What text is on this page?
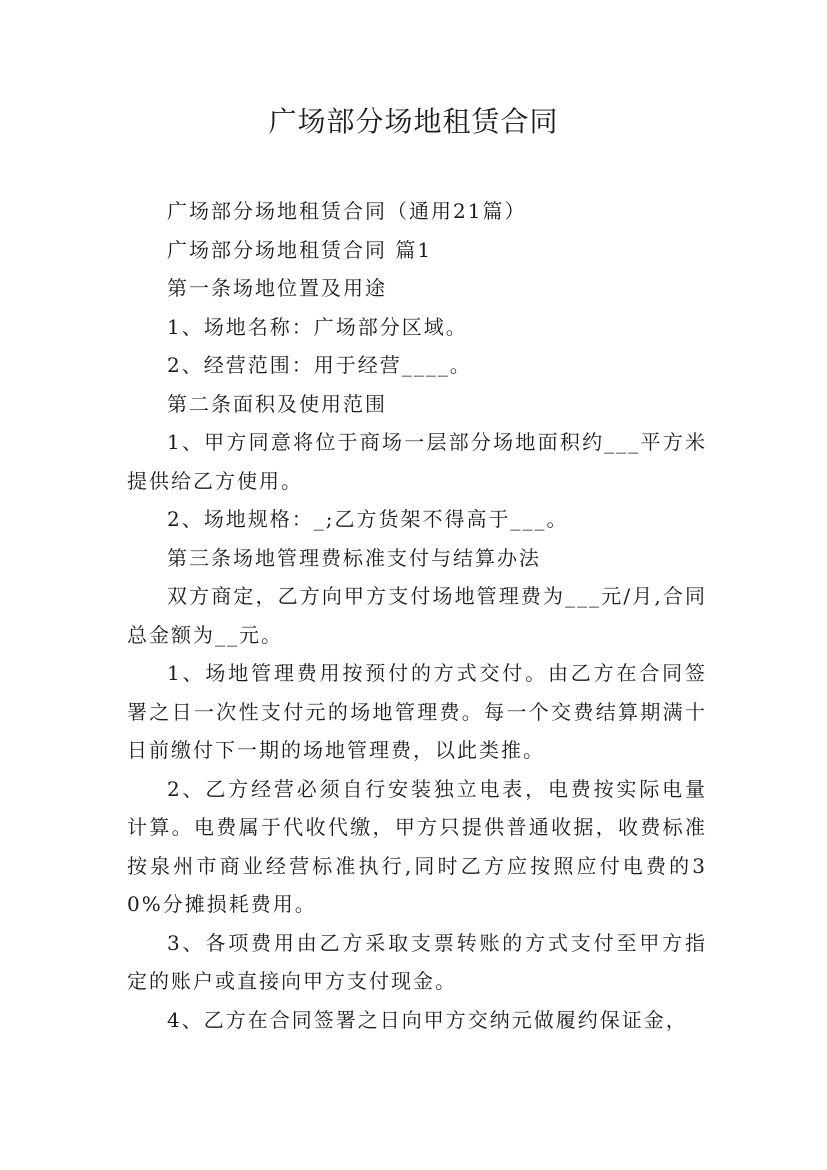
广场部分场地租赁合同

广场部分场地租赁合同（通用21篇）

广场部分场地租赁合同 篇1

第一条场地位置及用途

1、场地名称：广场部分区域。

2、经营范围：用于经营____。

第二条面积及使用范围

1、甲方同意将位于商场一层部分场地面积约___平方米提供给乙方使用。

2、场地规格：_;乙方货架不得高于___。

第三条场地管理费标准支付与结算办法

双方商定，乙方向甲方支付场地管理费为___元/月,合同总金额为__元。

1、场地管理费用按预付的方式交付。由乙方在合同签署之日一次性支付元的场地管理费。每一个交费结算期满十日前缴付下一期的场地管理费，以此类推。

2、乙方经营必须自行安装独立电表，电费按实际电量计算。电费属于代收代缴，甲方只提供普通收据，收费标准按泉州市商业经营标准执行,同时乙方应按照应付电费的30%分摊损耗费用。

3、各项费用由乙方采取支票转账的方式支付至甲方指定的账户或直接向甲方支付现金。

4、乙方在合同签署之日向甲方交纳元做履约保证金，
